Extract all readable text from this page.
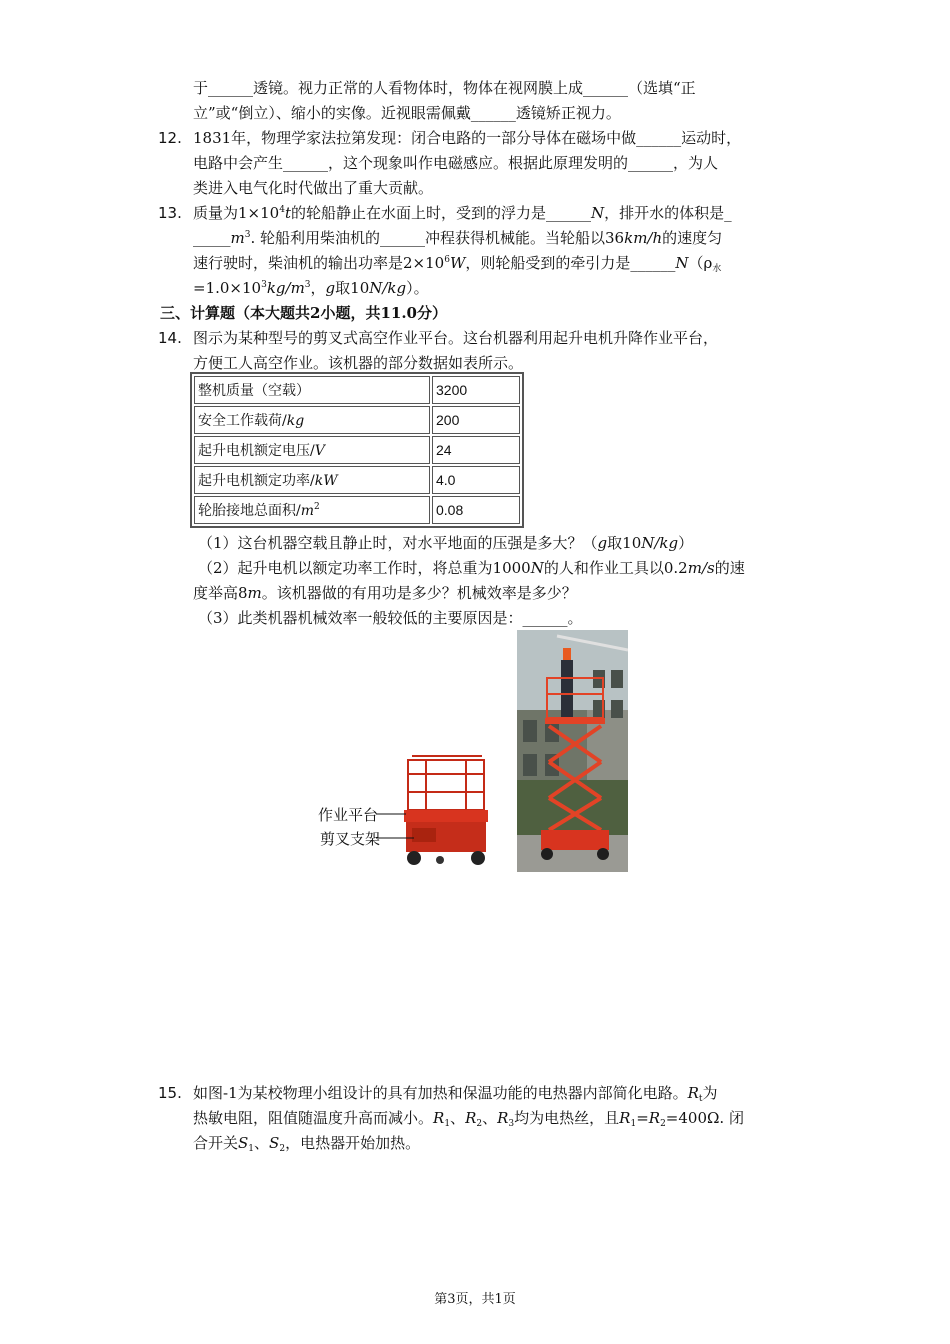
于______透镜。视力正常的人看物体时，物体在视网膜上成______（选填“正
立”或“倒立）、缩小的实像。近视眼需佩戴______透镜矫正视力。
12. 1831年，物理学家法拉第发现：闭合电路的一部分导体在磁场中做______运动时，
电路中会产生______，这个现象叫作电磁感应。根据此原理发明的______，为人
类进入电气化时代做出了重大贡献。
13. 质量为$1\times 10^4t$的轮船静止在水面上时，受到的浮力是______N，排开水的体积是_
$\_\_\_\_\_m^3$. 轮船利用柴油机的______冲程获得机械能。当轮船以36km/h的速度匀
速行驶时，柴油机的输出功率是$2\times 10^6W$，则轮船受到的牵引力是$\_\_\_\_\_\_N(\rho_水$
$=1.0\times 10^3kg/m^3$，g取10N/kg）。
三、计算题（本大题共2小题，共11.0分）
14. 图示为某种型号的剪叉式高空作业平台。这台机器利用起升电机升降作业平台，
方便工人高空作业。该机器的部分数据如表所示。
整机质量（空载）	3200
安全工作载荷/kg	200
起升电机额定电压/V	24
起升电机额定功率/kW	4.0
轮胎接地总面积$/m^2$	0.08
（1）这台机器空载且静止时，对水平地面的压强是多大？（g取10N/kg）
（2）起升电机以额定功率工作时，将总重为1000N的人和作业工具以0.2m/s的速
度举高8m。该机器做的有用功是多少？机械效率是多少？
（3）此类机器机械效率一般较低的主要原因是：______。
作业平台
剪叉支架
15. 如图-1为某校物理小组设计的具有加热和保温功能的电热器内部简化电路。$R_t$为
热敏电阻，阻值随温度升高而减小。$R_1$、$R_2$、$R_3$均为电热丝，且$R_1=R_2=400\Omega$. 闭
合开关$S_1$、$S_2$，电热器开始加热。
第3页，共1页
